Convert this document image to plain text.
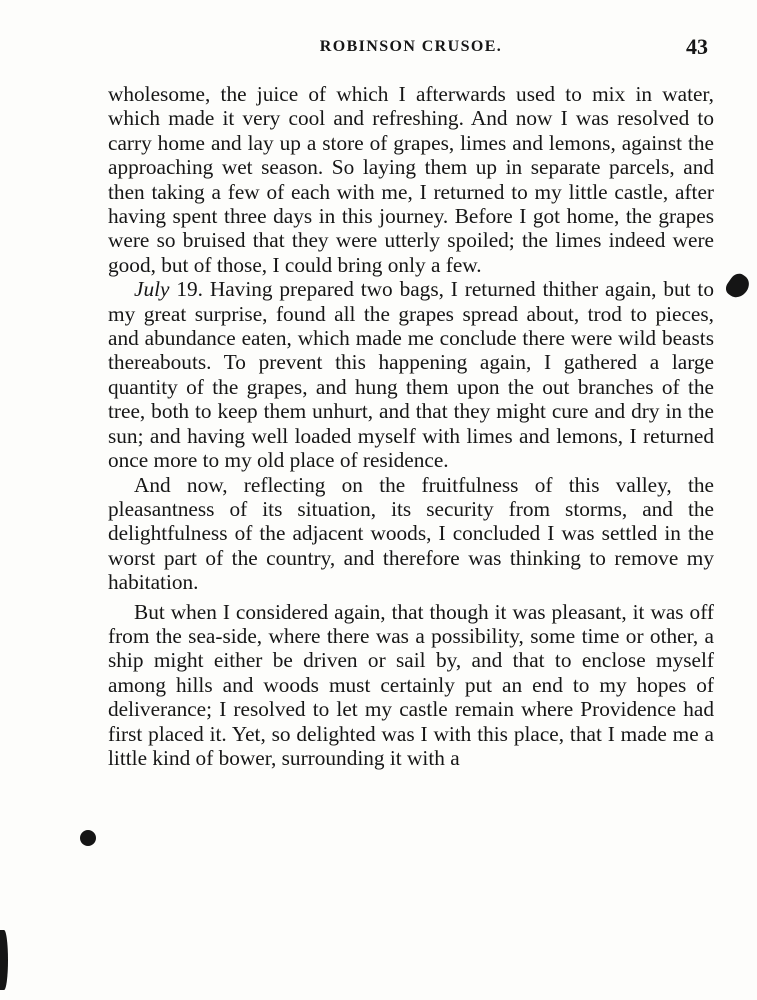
ROBINSON CRUSOE.	43

wholesome, the juice of which I afterwards used to mix in water, which made it very cool and refreshing. And now I was resolved to carry home and lay up a store of grapes, limes and lemons, against the approaching wet season. So laying them up in separate parcels, and then taking a few of each with me, I returned to my little castle, after having spent three days in this journey. Before I got home, the grapes were so bruised that they were utterly spoiled; the limes indeed were good, but of those, I could bring only a few.

July 19. Having prepared two bags, I returned thither again, but to my great surprise, found all the grapes spread about, trod to pieces, and abundance eaten, which made me conclude there were wild beasts thereabouts. To prevent this happening again, I gathered a large quantity of the grapes, and hung them upon the out branches of the tree, both to keep them unhurt, and that they might cure and dry in the sun; and having well loaded myself with limes and lemons, I returned once more to my old place of residence.

And now, reflecting on the fruitfulness of this valley, the pleasantness of its situation, its security from storms, and the delightfulness of the adjacent woods, I concluded I was settled in the worst part of the country, and therefore was thinking to remove my habitation.

But when I considered again, that though it was pleasant, it was off from the sea-side, where there was a possibility, some time or other, a ship might either be driven or sail by, and that to enclose myself among hills and woods must certainly put an end to my hopes of deliverance; I resolved to let my castle remain where Providence had first placed it. Yet, so delighted was I with this place, that I made me a little kind of bower, surrounding it with a
